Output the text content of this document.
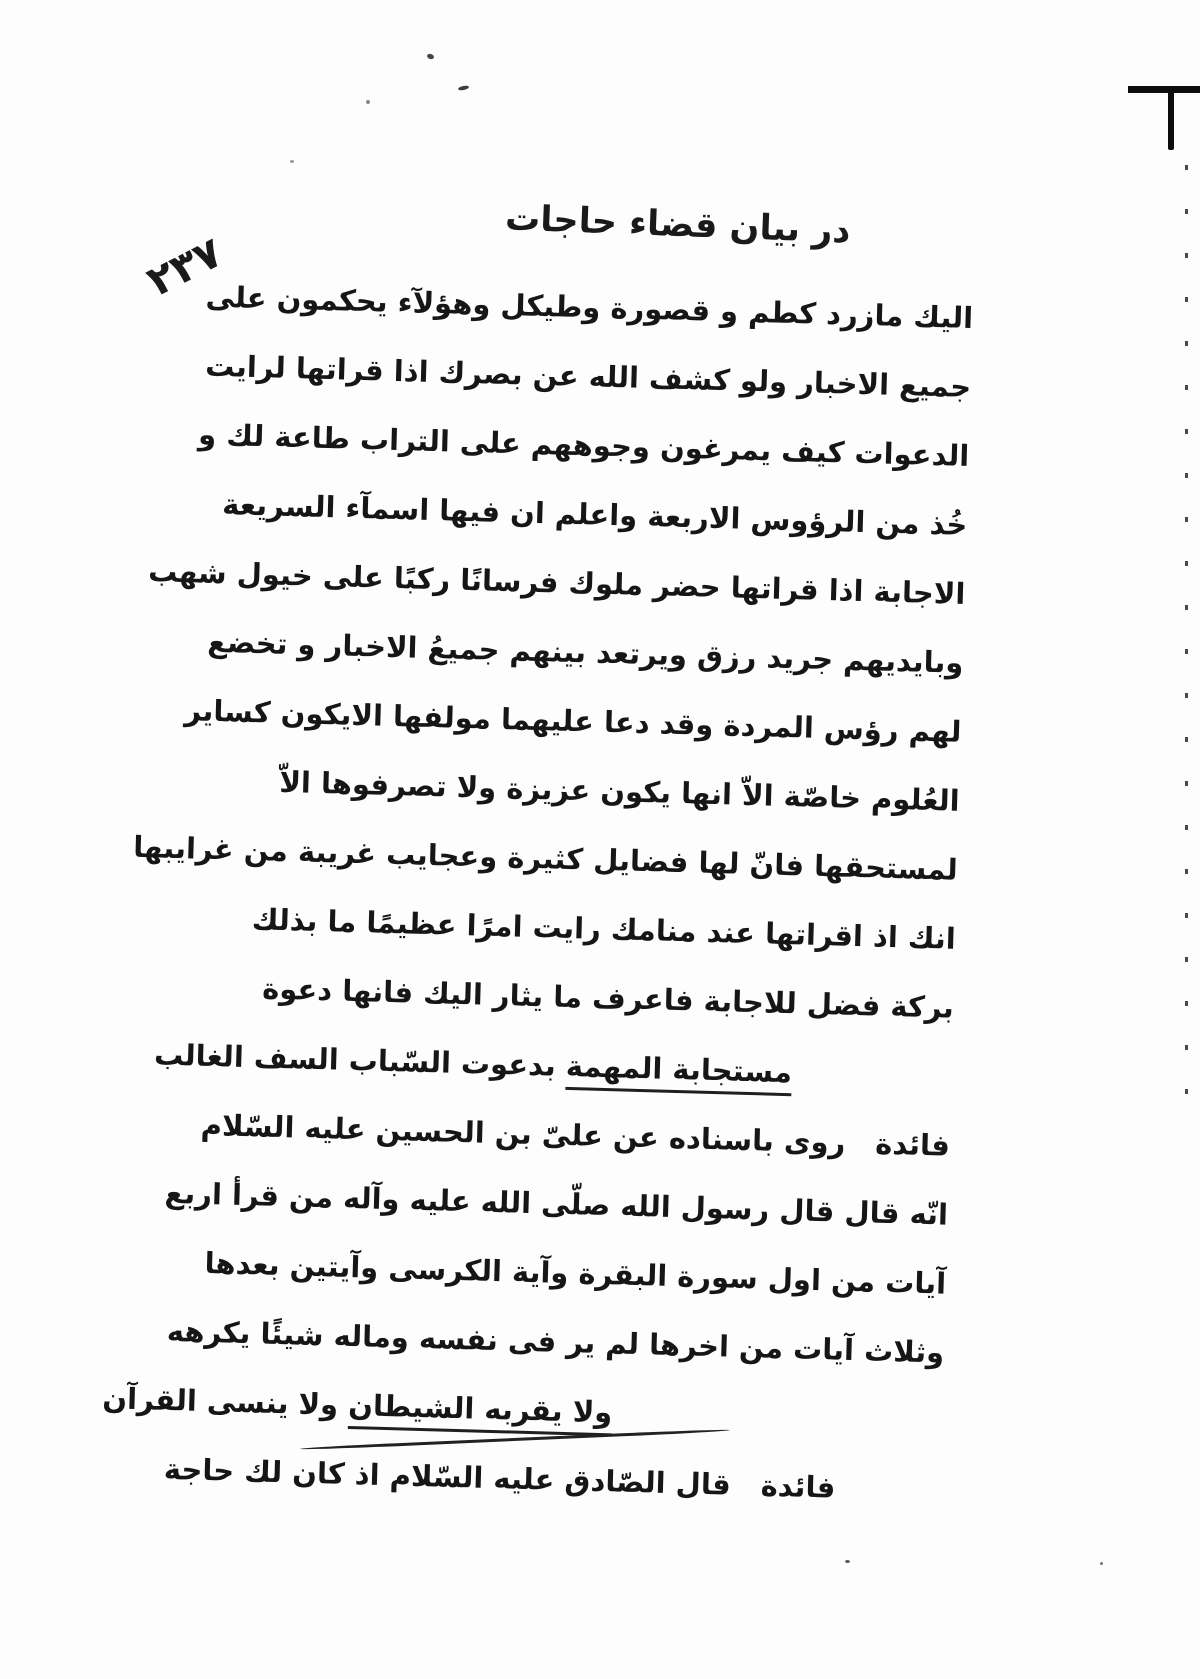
٢٣٧
در بیان قضاء حاجات
الیك مازرد كطم و قصورة وطیكل وهؤلآء یحكمون علی
جمیع الاخبار ولو كشف الله عن بصرك اذا قراتها لرایت
الدعوات كیف یمرغون وجوههم علی التراب طاعة لك و
خُذ من الرؤوس الاربعة واعلم ان فیها اسمآء السریعة
الاجابة اذا قراتها حضر ملوك فرسانًا ركبًا علی خیول شهب
وبایدیهم جرید رزق ویرتعد بینهم جمیعُ الاخبار و تخضع
لهم رؤس المردة وقد دعا علیهما مولفها الایكون كسایر
العُلوم خاصّة الاّ انها یكون عزیزة ولا تصرفوها الاّ
لمستحقها فانّ لها فضایل كثیرة وعجایب غریبة من غرایبها
انك اذ اقراتها عند منامك رایت امرًا عظیمًا ما بذلك
بركة فضل للاجابة فاعرف ما یثار الیك فانها دعوة
مستجابة المهمة بدعوت السّباب السف الغالب
فائدةروی باسناده عن علیّ بن الحسین علیه السّلام
انّه قال قال رسول الله صلّی الله علیه وآله من قرأ اربع
آیات من اول سورة البقرة وآیة الكرسی وآیتین بعدها
وثلاث آیات من اخرها لم یر فی نفسه وماله شیئًا یكرهه
ولا یقربه الشیطان ولا ینسی القرآن
فائدةقال الصّادق علیه السّلام اذ كان لك حاجة
